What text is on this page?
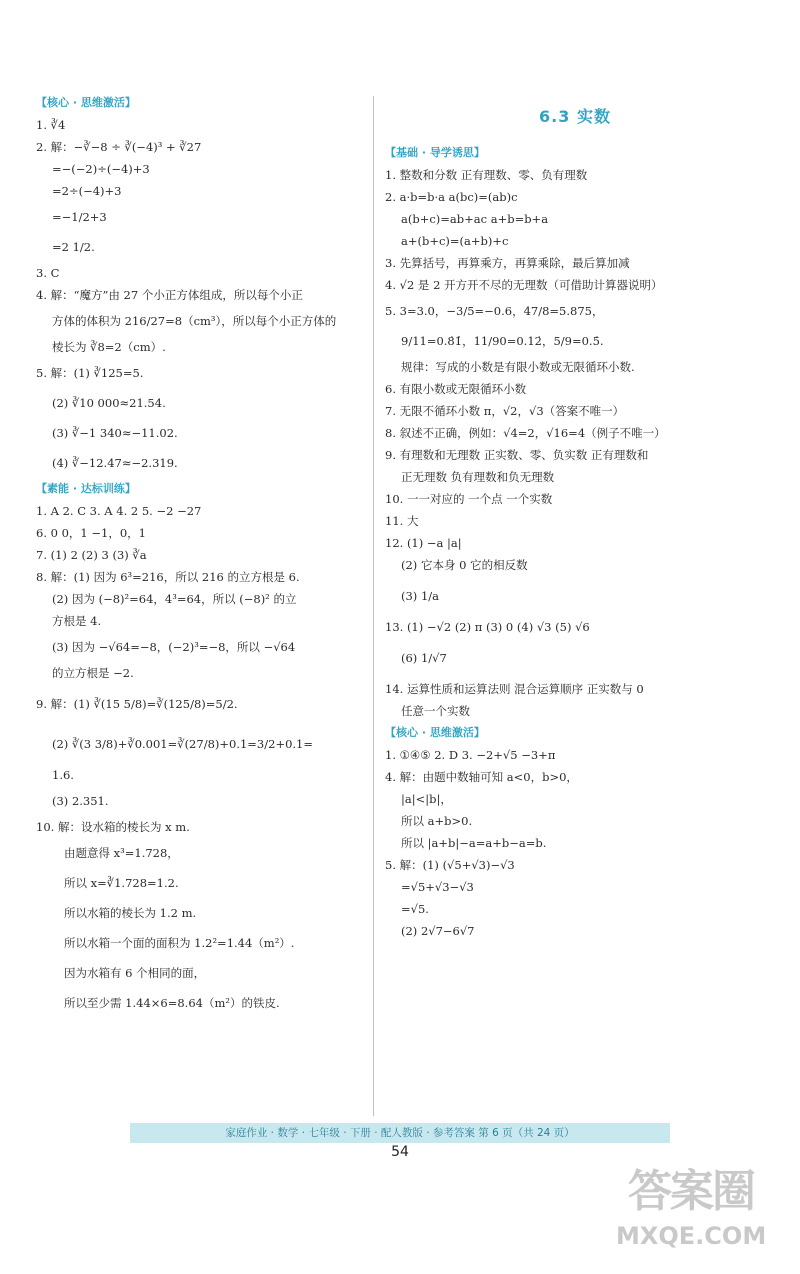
【核心 · 思维激活】
1. ∛4
2. 解：−∛−8 ÷ ∛(−4)³ + ∛27
=−(−2)÷(−4)+3
=2÷(−4)+3
=−1/2+3
=2 1/2.
3. C
4. 解：“魔方”由 27 个小正方体组成，所以每个小正
方体的体积为 216/27=8（cm³），所以每个小正方体的
棱长为 ∛8=2（cm）.
5. 解：(1) ∛125=5.
(2) ∛10 000≈21.54.
(3) ∛−1 340≈−11.02.
(4) ∛−12.47≈−2.319.
【素能 · 达标训练】
1. A 2. C 3. A 4. 2 5. −2 −27
6. 0 0，1 −1，0，1
7. (1) 2 (2) 3 (3) ∛a
8. 解：(1) 因为 6³=216，所以 216 的立方根是 6.
(2) 因为 (−8)²=64，4³=64，所以 (−8)² 的立
方根是 4.
(3) 因为 −√64=−8，(−2)³=−8，所以 −√64
的立方根是 −2.
9. 解：(1) ∛(15 5/8)=∛(125/8)=5/2.
(2) ∛(3 3/8)+∛0.001=∛(27/8)+0.1=3/2+0.1=
1.6.
(3) 2.351.
10. 解：设水箱的棱长为 x m.
由题意得 x³=1.728，
所以 x=∛1.728=1.2.
所以水箱的棱长为 1.2 m.
所以水箱一个面的面积为 1.2²=1.44（m²）.
因为水箱有 6 个相同的面，
所以至少需 1.44×6=8.64（m²）的铁皮.
6.3 实数
【基础 · 导学诱思】
1. 整数和分数 正有理数、零、负有理数
2. a·b=b·a a(bc)=(ab)c
a(b+c)=ab+ac a+b=b+a
a+(b+c)=(a+b)+c
3. 先算括号，再算乘方，再算乘除，最后算加减
4. √2 是 2 开方开不尽的无理数（可借助计算器说明）
5. 3=3.0，−3/5=−0.6，47/8=5.875，
9/11=0.8̇1̇，11/90=0.12̇，5/9=0.5̇.
规律：写成的小数是有限小数或无限循环小数.
6. 有限小数或无限循环小数
7. 无限不循环小数 π，√2，√3（答案不唯一）
8. 叙述不正确，例如：√4=2，√16=4（例子不唯一）
9. 有理数和无理数 正实数、零、负实数 正有理数和
正无理数 负有理数和负无理数
10. 一一对应的 一个点 一个实数
11. 大
12. (1) −a |a|
(2) 它本身 0 它的相反数
(3) 1/a
13. (1) −√2 (2) π (3) 0 (4) √3 (5) √6
(6) 1/√7
14. 运算性质和运算法则 混合运算顺序 正实数与 0
任意一个实数
【核心 · 思维激活】
1. ①④⑤ 2. D 3. −2+√5 −3+π
4. 解：由题中数轴可知 a<0，b>0，
|a|<|b|，
所以 a+b>0.
所以 |a+b|−a=a+b−a=b.
5. 解：(1) (√5+√3)−√3
=√5+√3−√3
=√5.
(2) 2√7−6√7
家庭作业 · 数学 · 七年级 · 下册 · 配人教版 · 参考答案 第 6 页（共 24 页）
54
答案圈
MXQE.COM
